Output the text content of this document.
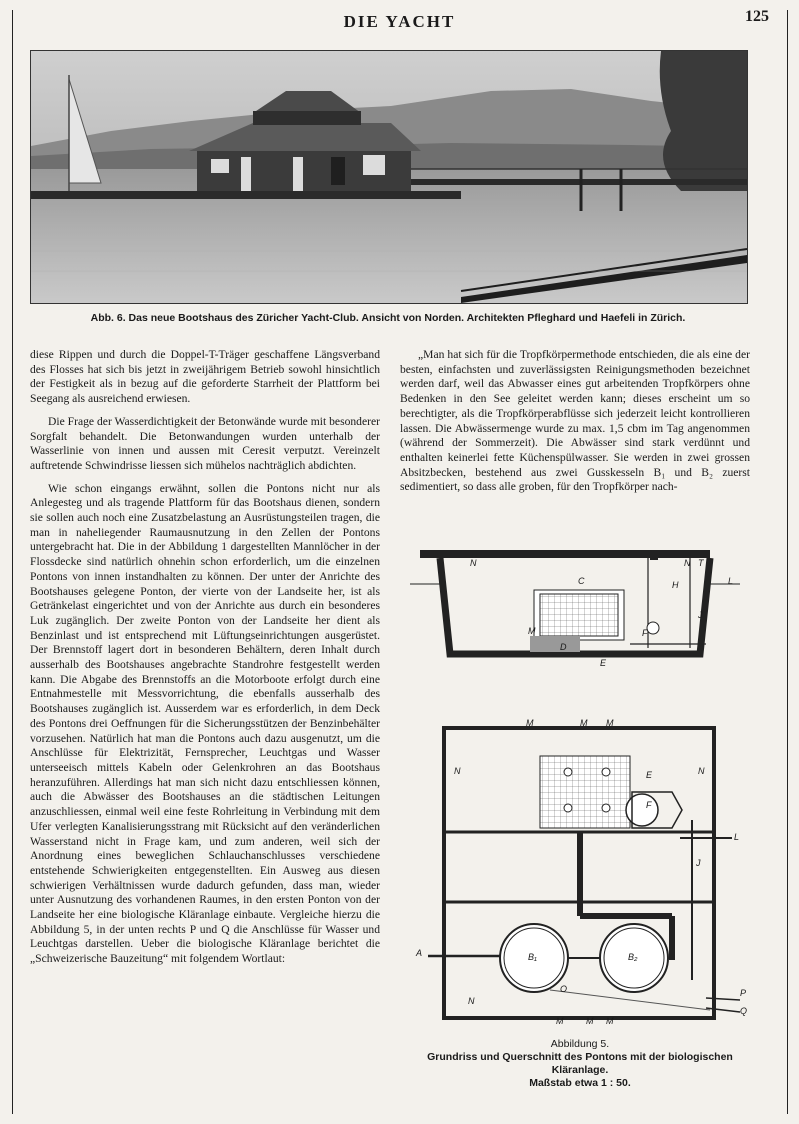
DIE YACHT	125
Abb. 6. Das neue Bootshaus des Züricher Yacht-Club. Ansicht von Norden. Architekten Pfleghard und Haefeli in Zürich.

diese Rippen und durch die Doppel-T-Träger geschaffene Längsverband des Flosses hat sich bis jetzt in zweijährigem Betrieb sowohl hinsichtlich der Festigkeit als in bezug auf die geforderte Starrheit der Plattform bei Seegang als ausreichend erwiesen.

Die Frage der Wasserdichtigkeit der Betonwände wurde mit besonderer Sorgfalt behandelt. Die Betonwandungen wurden unterhalb der Wasserlinie von innen und aussen mit Ceresit verputzt. Vereinzelt auftretende Schwindrisse liessen sich mühelos nachträglich abdichten.

Wie schon eingangs erwähnt, sollen die Pontons nicht nur als Anlegesteg und als tragende Plattform für das Bootshaus dienen, sondern sie sollen auch noch eine Zusatzbelastung an Ausrüstungsteilen tragen, die man in naheliegender Raumausnutzung in den Zellen der Pontons untergebracht hat. Die in der Abbildung 1 dargestellten Mannlöcher in der Flossdecke sind natürlich ohnehin schon erforderlich, um die einzelnen Pontons von innen instandhalten zu können. Der unter der Anrichte des Bootshauses gelegene Ponton, der vierte von der Landseite her, ist als Getränkelast eingerichtet und von der Anrichte aus durch ein besonderes Luk zugänglich. Der zweite Ponton von der Landseite her dient als Benzinlast und ist entsprechend mit Lüftungseinrichtungen ausgerüstet. Der Brennstoff lagert dort in besonderen Behältern, deren Inhalt durch ausserhalb des Bootshauses angebrachte Standrohre festgestellt werden kann. Die Abgabe des Brennstoffs an die Motorboote erfolgt durch eine Entnahmestelle mit Messvorrichtung, die ebenfalls ausserhalb des Bootshauses zugänglich ist. Ausserdem war es erforderlich, in dem Deck des Pontons drei Oeffnungen für die Sicherungsstützen der Benzinbehälter vorzusehen. Natürlich hat man die Pontons auch dazu ausgenutzt, um die Anschlüsse für Elektrizität, Fernsprecher, Leuchtgas und Wasser unterseeisch mittels Kabeln oder Gelenkrohren an das Bootshaus heranzuführen. Allerdings hat man sich nicht dazu entschliessen können, auch die Abwässer des Bootshauses an die städtischen Leitungen anzuschliessen, einmal weil eine feste Rohrleitung in Verbindung mit dem Ufer verlegten Kanalisierungsstrang mit Rücksicht auf den veränderlichen Wasserstand nicht in Frage kam, und zum anderen, weil sich der Anordnung eines beweglichen Schlauchanschlusses verschiedene entstehende Schwierigkeiten entgegenstellten. Ein Ausweg aus diesen schwierigen Verhältnissen wurde dadurch gefunden, dass man, wieder unter Ausnutzung des vorhandenen Raumes, in den ersten Ponton von der Landseite her eine biologische Kläranlage einbaute. Vergleiche hierzu die Abbildung 5, in der unten rechts P und Q die Anschlüsse für Wasser und Leuchtgas darstellen. Ueber die biologische Kläranlage berichtet die „Schweizerische Bauzeitung“ mit folgendem Wortlaut:

„Man hat sich für die Tropfkörpermethode entschieden, die als eine der besten, einfachsten und zuverlässigsten Reinigungsmethoden bezeichnet werden darf, weil das Abwasser eines gut arbeitenden Tropfkörpers ohne Bedenken in den See geleitet werden kann; dieses erscheint um so berechtigter, als die Tropfkörperabflüsse sich jederzeit leicht kontrollieren lassen. Die Abwässermenge wurde zu max. 1,5 cbm im Tag angenommen (während der Sommerzeit). Die Abwässer sind stark verdünnt und enthalten keinerlei fette Küchenspülwasser. Sie werden in zwei grossen Absitzbecken, bestehend aus zwei Gusskesseln B₁ und B₂ zuerst sedimentiert, so dass alle groben, für den Tropfkörper nach-

N
C
N T
L
H
J
M	F
E
D
M	M M
N	N
E
F
L
J
A	B₁	B₂
O
N
P
Q
M	M M
Abbildung 5.
Grundriss und Querschnitt des Pontons mit der biologischen Kläranlage.
Maßstab etwa 1 : 50.
